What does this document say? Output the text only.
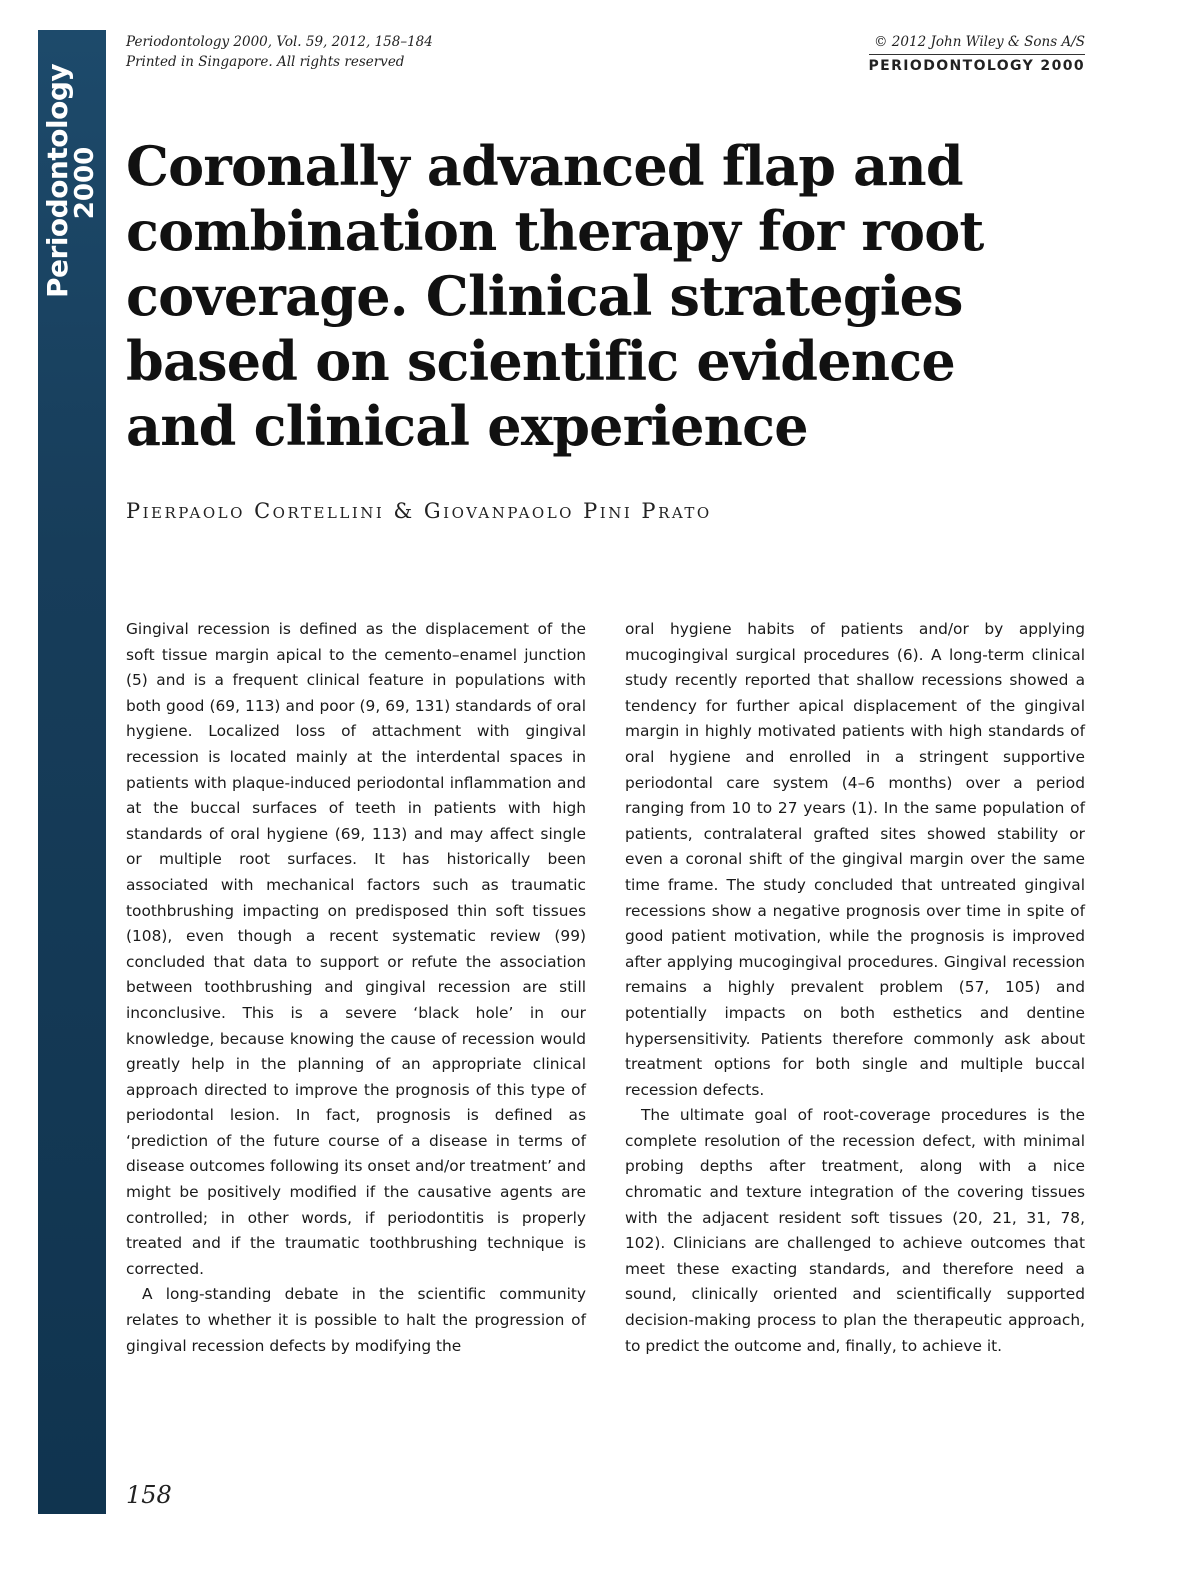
Periodontology
2000
Periodontology 2000, Vol. 59, 2012, 158–184
Printed in Singapore. All rights reserved
© 2012 John Wiley & Sons A/S
PERIODONTOLOGY 2000
Coronally advanced flap and combination therapy for root coverage. Clinical strategies based on scientific evidence and clinical experience
Pierpaolo Cortellini & Giovanpaolo Pini Prato

Gingival recession is defined as the displacement of the soft tissue margin apical to the cemento–enamel junction (5) and is a frequent clinical feature in populations with both good (69, 113) and poor (9, 69, 131) standards of oral hygiene. Localized loss of attachment with gingival recession is located mainly at the interdental spaces in patients with plaque-induced periodontal inflammation and at the buccal surfaces of teeth in patients with high standards of oral hygiene (69, 113) and may affect single or multiple root surfaces. It has historically been associated with mechanical factors such as traumatic toothbrushing impacting on predisposed thin soft tissues (108), even though a recent systematic review (99) concluded that data to support or refute the association between toothbrushing and gingival recession are still inconclusive. This is a severe ‘black hole’ in our knowledge, because knowing the cause of recession would greatly help in the planning of an appropriate clinical approach directed to improve the prognosis of this type of periodontal lesion. In fact, prognosis is defined as ‘prediction of the future course of a disease in terms of disease outcomes following its onset and/or treatment’ and might be positively modified if the causative agents are controlled; in other words, if periodontitis is properly treated and if the traumatic toothbrushing technique is corrected.

A long-standing debate in the scientific community relates to whether it is possible to halt the progression of gingival recession defects by modifying the

oral hygiene habits of patients and/or by applying mucogingival surgical procedures (6). A long-term clinical study recently reported that shallow recessions showed a tendency for further apical displacement of the gingival margin in highly motivated patients with high standards of oral hygiene and enrolled in a stringent supportive periodontal care system (4–6 months) over a period ranging from 10 to 27 years (1). In the same population of patients, contralateral grafted sites showed stability or even a coronal shift of the gingival margin over the same time frame. The study concluded that untreated gingival recessions show a negative prognosis over time in spite of good patient motivation, while the prognosis is improved after applying mucogingival procedures. Gingival recession remains a highly prevalent problem (57, 105) and potentially impacts on both esthetics and dentine hypersensitivity. Patients therefore commonly ask about treatment options for both single and multiple buccal recession defects.

The ultimate goal of root-coverage procedures is the complete resolution of the recession defect, with minimal probing depths after treatment, along with a nice chromatic and texture integration of the covering tissues with the adjacent resident soft tissues (20, 21, 31, 78, 102). Clinicians are challenged to achieve outcomes that meet these exacting standards, and therefore need a sound, clinically oriented and scientifically supported decision-making process to plan the therapeutic approach, to predict the outcome and, finally, to achieve it.

158
